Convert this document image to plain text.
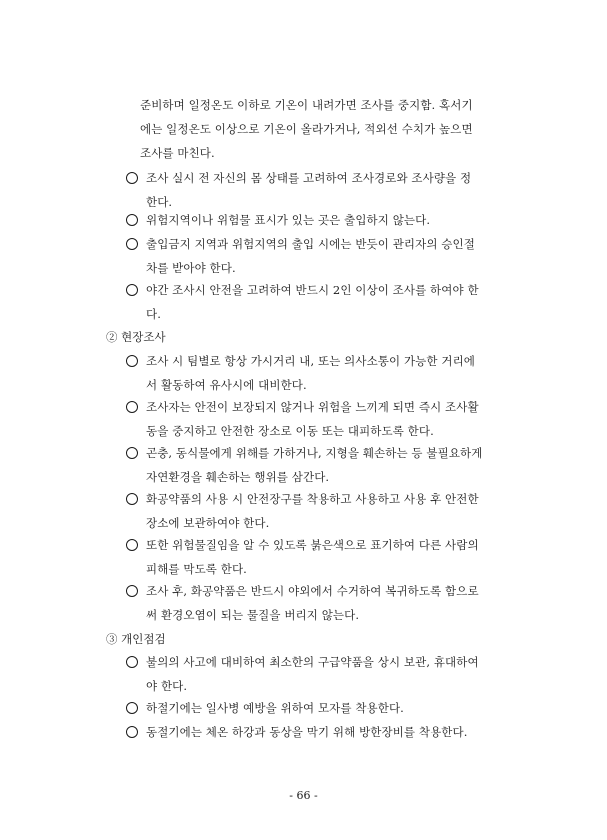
준비하며 일정온도 이하로 기온이 내려가면 조사를 중지함. 혹서기
에는 일정온도 이상으로 기온이 올라가거나, 적외선 수치가 높으면
조사를 마친다.
조사 실시 전 자신의 몸 상태를 고려하여 조사경로와 조사량을 정
한다.
위험지역이나 위험물 표시가 있는 곳은 출입하지 않는다.
출입금지 지역과 위험지역의 출입 시에는 반듯이 관리자의 승인절
차를 받아야 한다.
야간 조사시 안전을 고려하여 반드시 2인 이상이 조사를 하여야 한
다.
② 현장조사
조사 시 팀별로 항상 가시거리 내, 또는 의사소통이 가능한 거리에
서 활동하여 유사시에 대비한다.
조사자는 안전이 보장되지 않거나 위험을 느끼게 되면 즉시 조사활
동을 중지하고 안전한 장소로 이동 또는 대피하도록 한다.
곤충, 동식물에게 위해를 가하거나, 지형을 훼손하는 등 불필요하게
자연환경을 훼손하는 행위를 삼간다.
화공약품의 사용 시 안전장구를 착용하고 사용하고 사용 후 안전한
장소에 보관하여야 한다.
또한 위험물질임을 알 수 있도록 붉은색으로 표기하여 다른 사람의
피해를 막도록 한다.
조사 후, 화공약품은 반드시 야외에서 수거하여 복귀하도록 함으로
써 환경오염이 되는 물질을 버리지 않는다.
③ 개인점검
불의의 사고에 대비하여 최소한의 구급약품을 상시 보관, 휴대하여
야 한다.
하절기에는 일사병 예방을 위하여 모자를 착용한다.
동절기에는 체온 하강과 동상을 막기 위해 방한장비를 착용한다.
- 66 -
